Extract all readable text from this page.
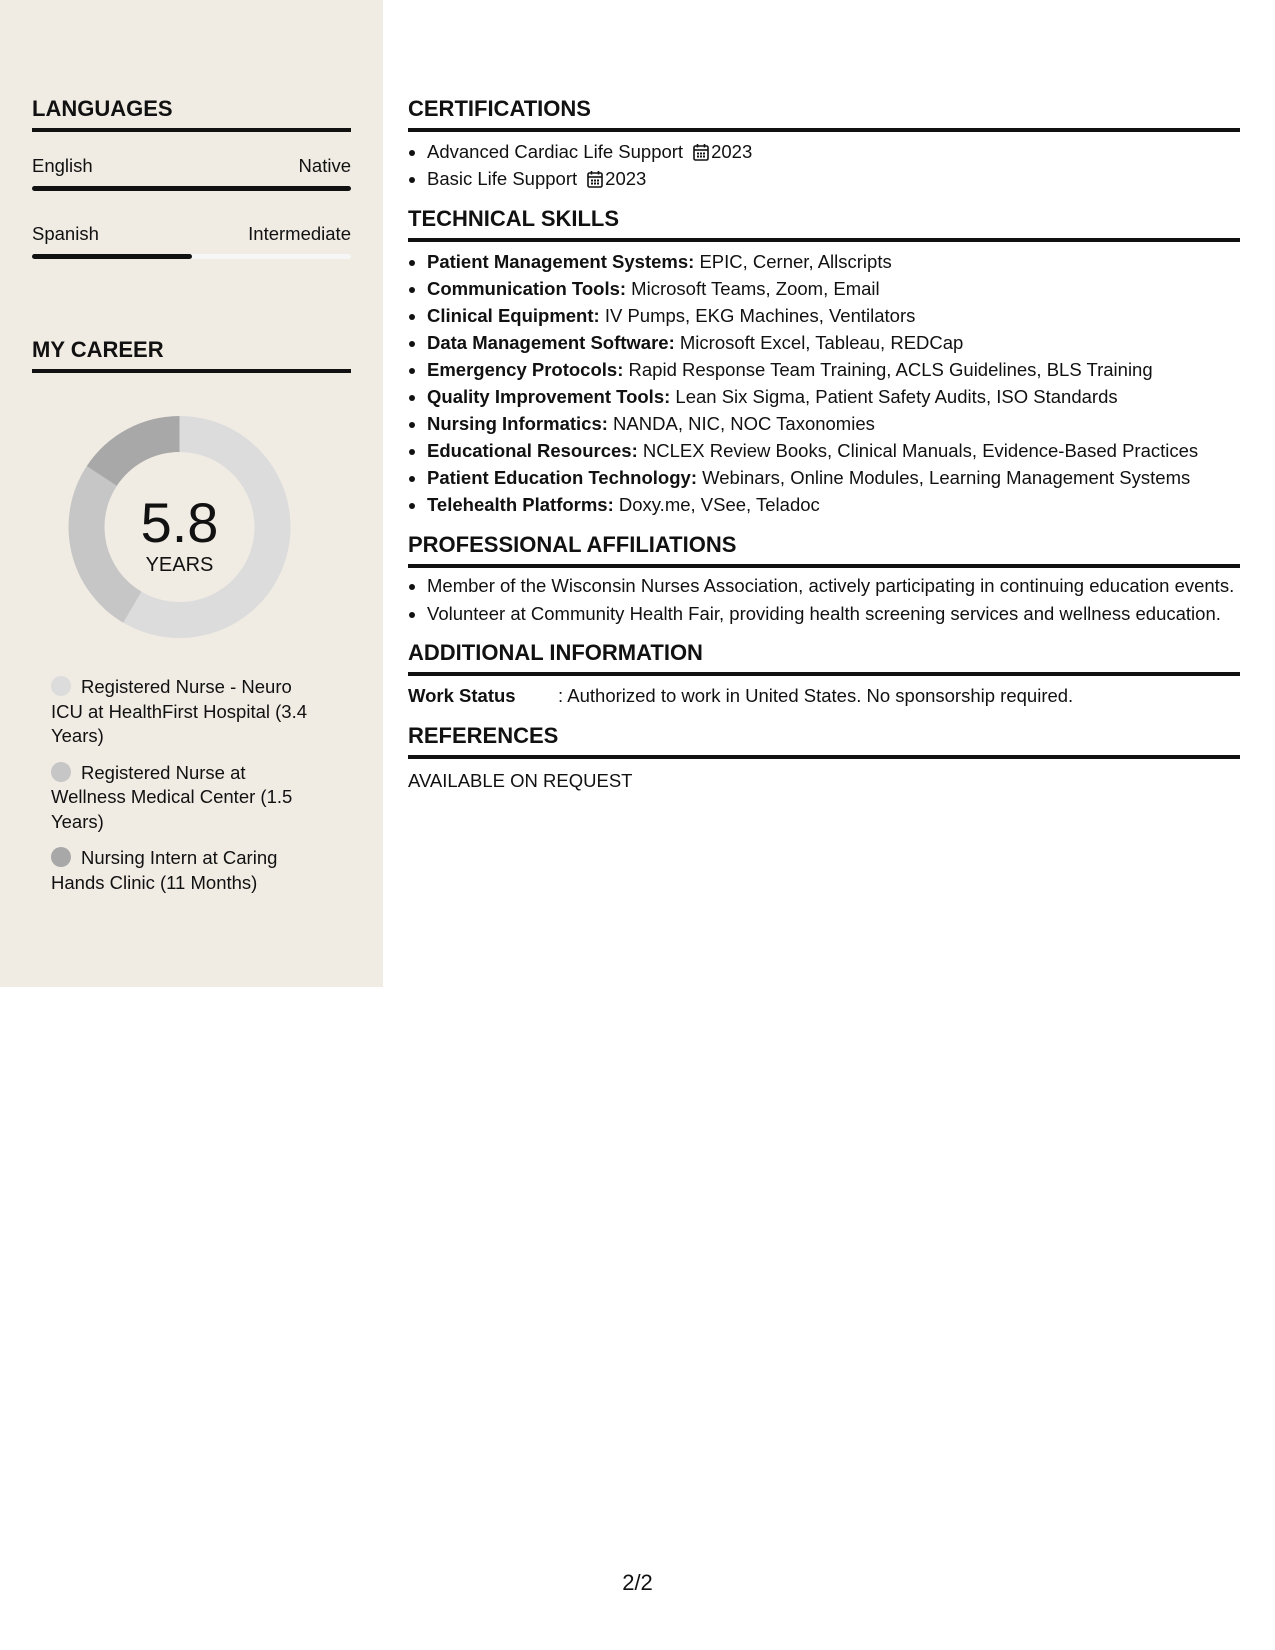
LANGUAGES
English	Native
Spanish	Intermediate
MY CAREER
5.8
YEARS
Registered Nurse - Neuro ICU at HealthFirst Hospital (3.4 Years)
Registered Nurse at Wellness Medical Center (1.5 Years)
Nursing Intern at Caring Hands Clinic (11 Months)
CERTIFICATIONS
• Advanced Cardiac Life Support 2023
• Basic Life Support 2023
TECHNICAL SKILLS
• Patient Management Systems: EPIC, Cerner, Allscripts
• Communication Tools: Microsoft Teams, Zoom, Email
• Clinical Equipment: IV Pumps, EKG Machines, Ventilators
• Data Management Software: Microsoft Excel, Tableau, REDCap
• Emergency Protocols: Rapid Response Team Training, ACLS Guidelines, BLS Training
• Quality Improvement Tools: Lean Six Sigma, Patient Safety Audits, ISO Standards
• Nursing Informatics: NANDA, NIC, NOC Taxonomies
• Educational Resources: NCLEX Review Books, Clinical Manuals, Evidence-Based Practices
• Patient Education Technology: Webinars, Online Modules, Learning Management Systems
• Telehealth Platforms: Doxy.me, VSee, Teladoc
PROFESSIONAL AFFILIATIONS
• Member of the Wisconsin Nurses Association, actively participating in continuing education events.
• Volunteer at Community Health Fair, providing health screening services and wellness education.
ADDITIONAL INFORMATION
Work Status	: Authorized to work in United States. No sponsorship required.
REFERENCES
AVAILABLE ON REQUEST
2/2
